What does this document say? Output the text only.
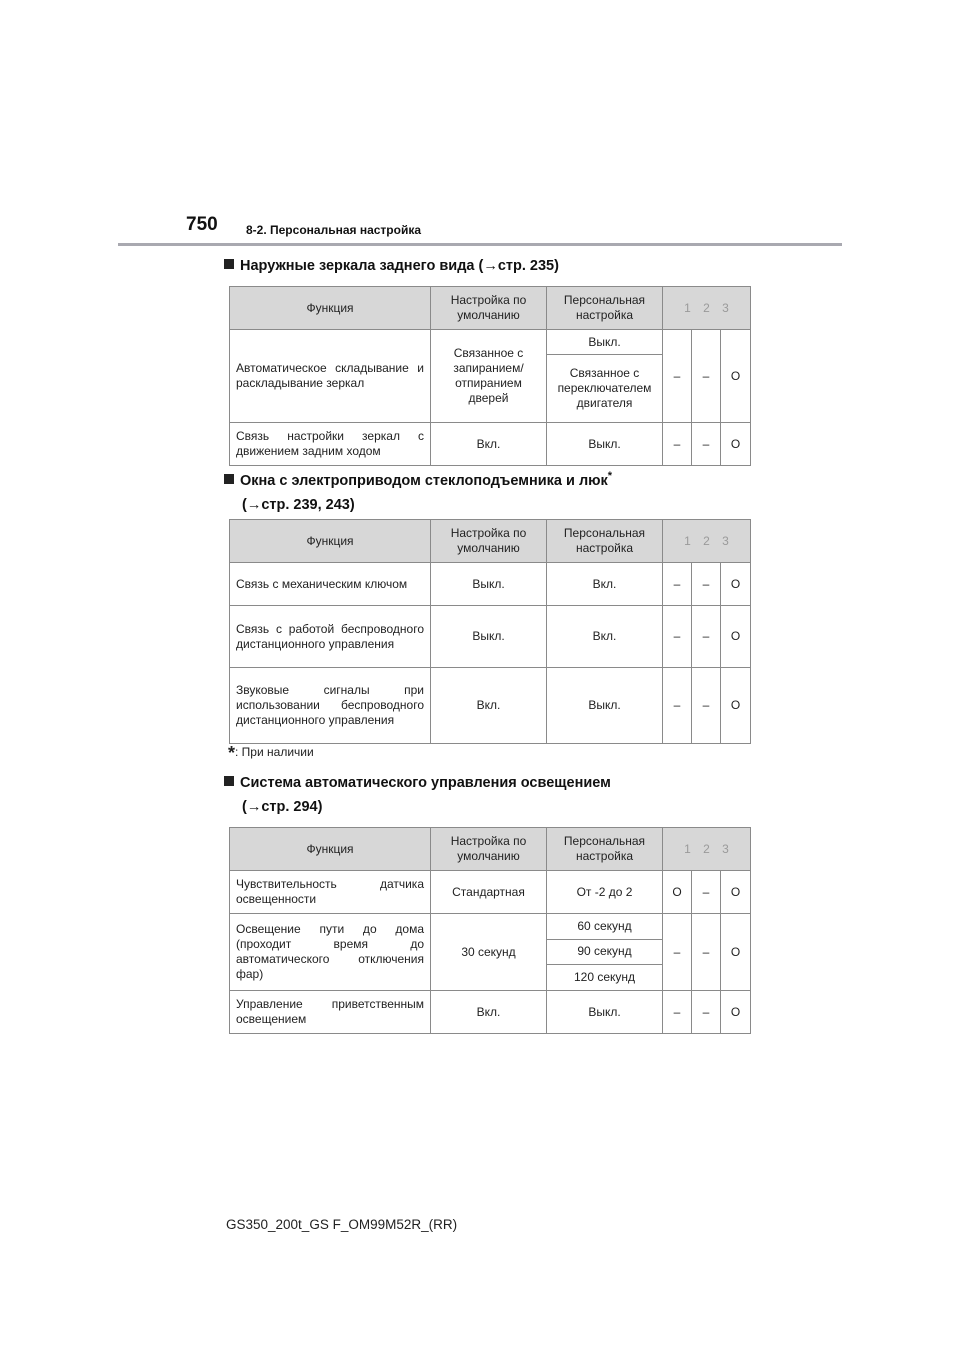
750 8-2. Персональная настройка
Наружные зеркала заднего вида (→стр. 235)
Функция	Настройка по умолчанию	Персональная настройка	1 2 3		
Автоматическое складывание и раскладывание зеркал	Связанное с запиранием/ отпиранием дверей	Выкл.	–	–	O
		Связанное с переключателем двигателя			
Связь настройки зеркал с движением задним ходом	Вкл.	Выкл.	–	–	O
Окна с электроприводом стеклоподъемника и люк*
(→стр. 239, 243)
Функция	Настройка по умолчанию	Персональная настройка	1 2 3		
Связь с механическим ключом	Выкл.	Вкл.	–	–	O
Связь с работой беспроводного дистанционного управления	Выкл.	Вкл.	–	–	O
Звуковые сигналы при использовании беспроводного дистанционного управления	Вкл.	Выкл.	–	–	O
*: При наличии
Система автоматического управления освещением
(→стр. 294)
Функция	Настройка по умолчанию	Персональная настройка	1 2 3		
Чувствительность датчика освещенности	Стандартная	От -2 до 2	O	–	O
Освещение пути до дома (проходит время до автоматического отключения фар)	30 секунд	60 секунд	–	–	O
		90 секунд			
		120 секунд			
Управление приветственным освещением	Вкл.	Выкл.	–	–	O
GS350_200t_GS F_OM99M52R_(RR)
